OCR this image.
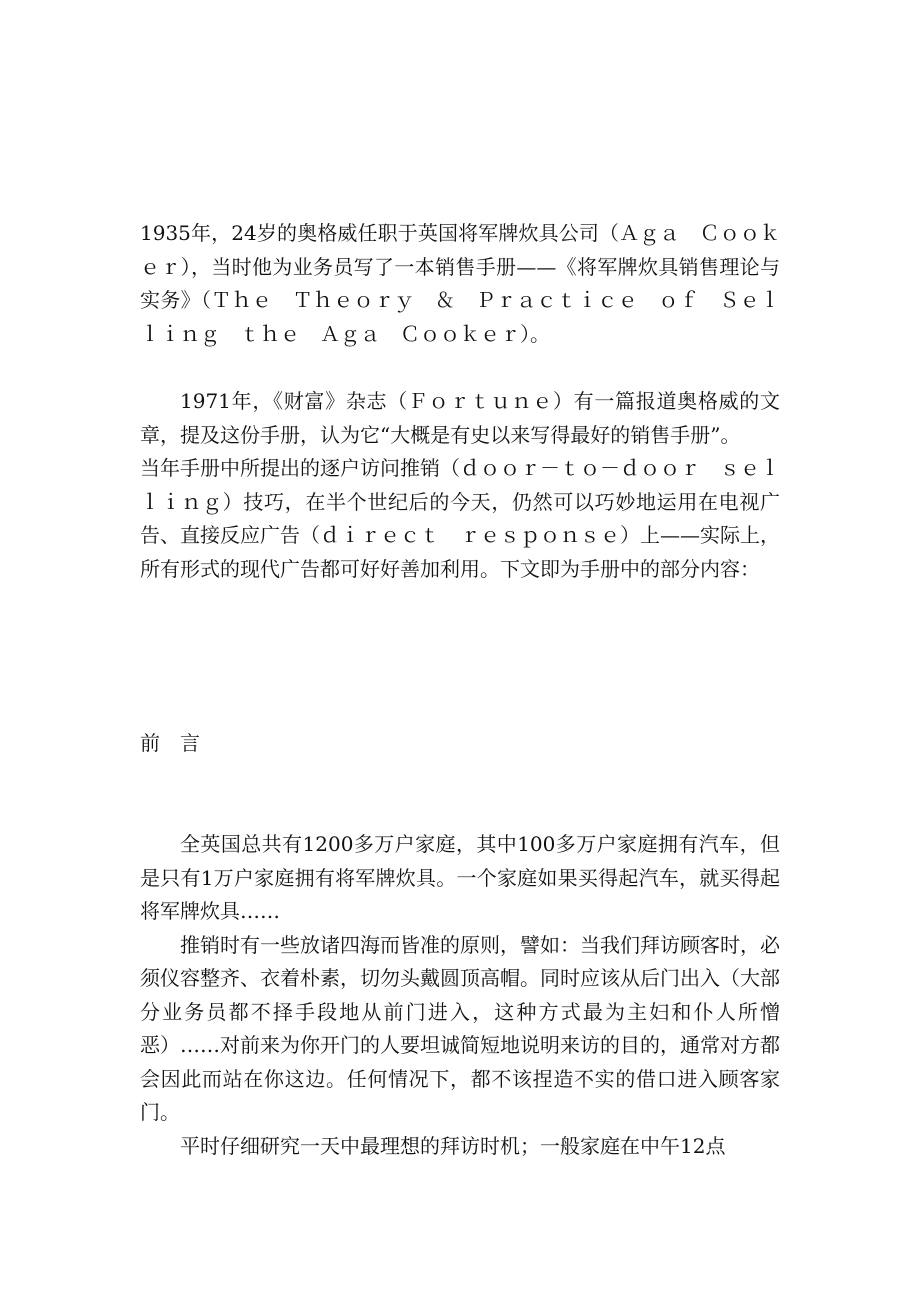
1935年，24岁的奥格威任职于英国将军牌炊具公司（Ａｇａ　Ｃｏｏｋｅｒ），当时他为业务员写了一本销售手册——《将军牌炊具销售理论与实务》（Ｔｈｅ　Ｔｈｅｏｒｙ　＆　Ｐｒａｃｔｉｃｅ　ｏｆ　Ｓｅｌｌｉｎｇ　ｔｈｅ　Ａｇａ　Ｃｏｏｋｅｒ）。

1971年，《财富》杂志（Ｆｏｒｔｕｎｅ）有一篇报道奥格威的文章，提及这份手册，认为它“大概是有史以来写得最好的销售手册”。

当年手册中所提出的逐户访问推销（ｄｏｏｒ－ｔｏ－ｄｏｏｒ　ｓｅｌｌｉｎｇ）技巧，在半个世纪后的今天，仍然可以巧妙地运用在电视广告、直接反应广告（ｄｉｒｅｃｔ　ｒｅｓｐｏｎｓｅ）上——实际上，所有形式的现代广告都可好好善加利用。下文即为手册中的部分内容：

前言

全英国总共有1200多万户家庭，其中100多万户家庭拥有汽车，但是只有1万户家庭拥有将军牌炊具。一个家庭如果买得起汽车，就买得起将军牌炊具……

推销时有一些放诸四海而皆准的原则，譬如：当我们拜访顾客时，必须仪容整齐、衣着朴素，切勿头戴圆顶高帽。同时应该从后门出入（大部分业务员都不择手段地从前门进入，这种方式最为主妇和仆人所憎恶）……对前来为你开门的人要坦诚简短地说明来访的目的，通常对方都会因此而站在你这边。任何情况下，都不该捏造不实的借口进入顾客家门。

平时仔细研究一天中最理想的拜访时机；一般家庭在中午12点
